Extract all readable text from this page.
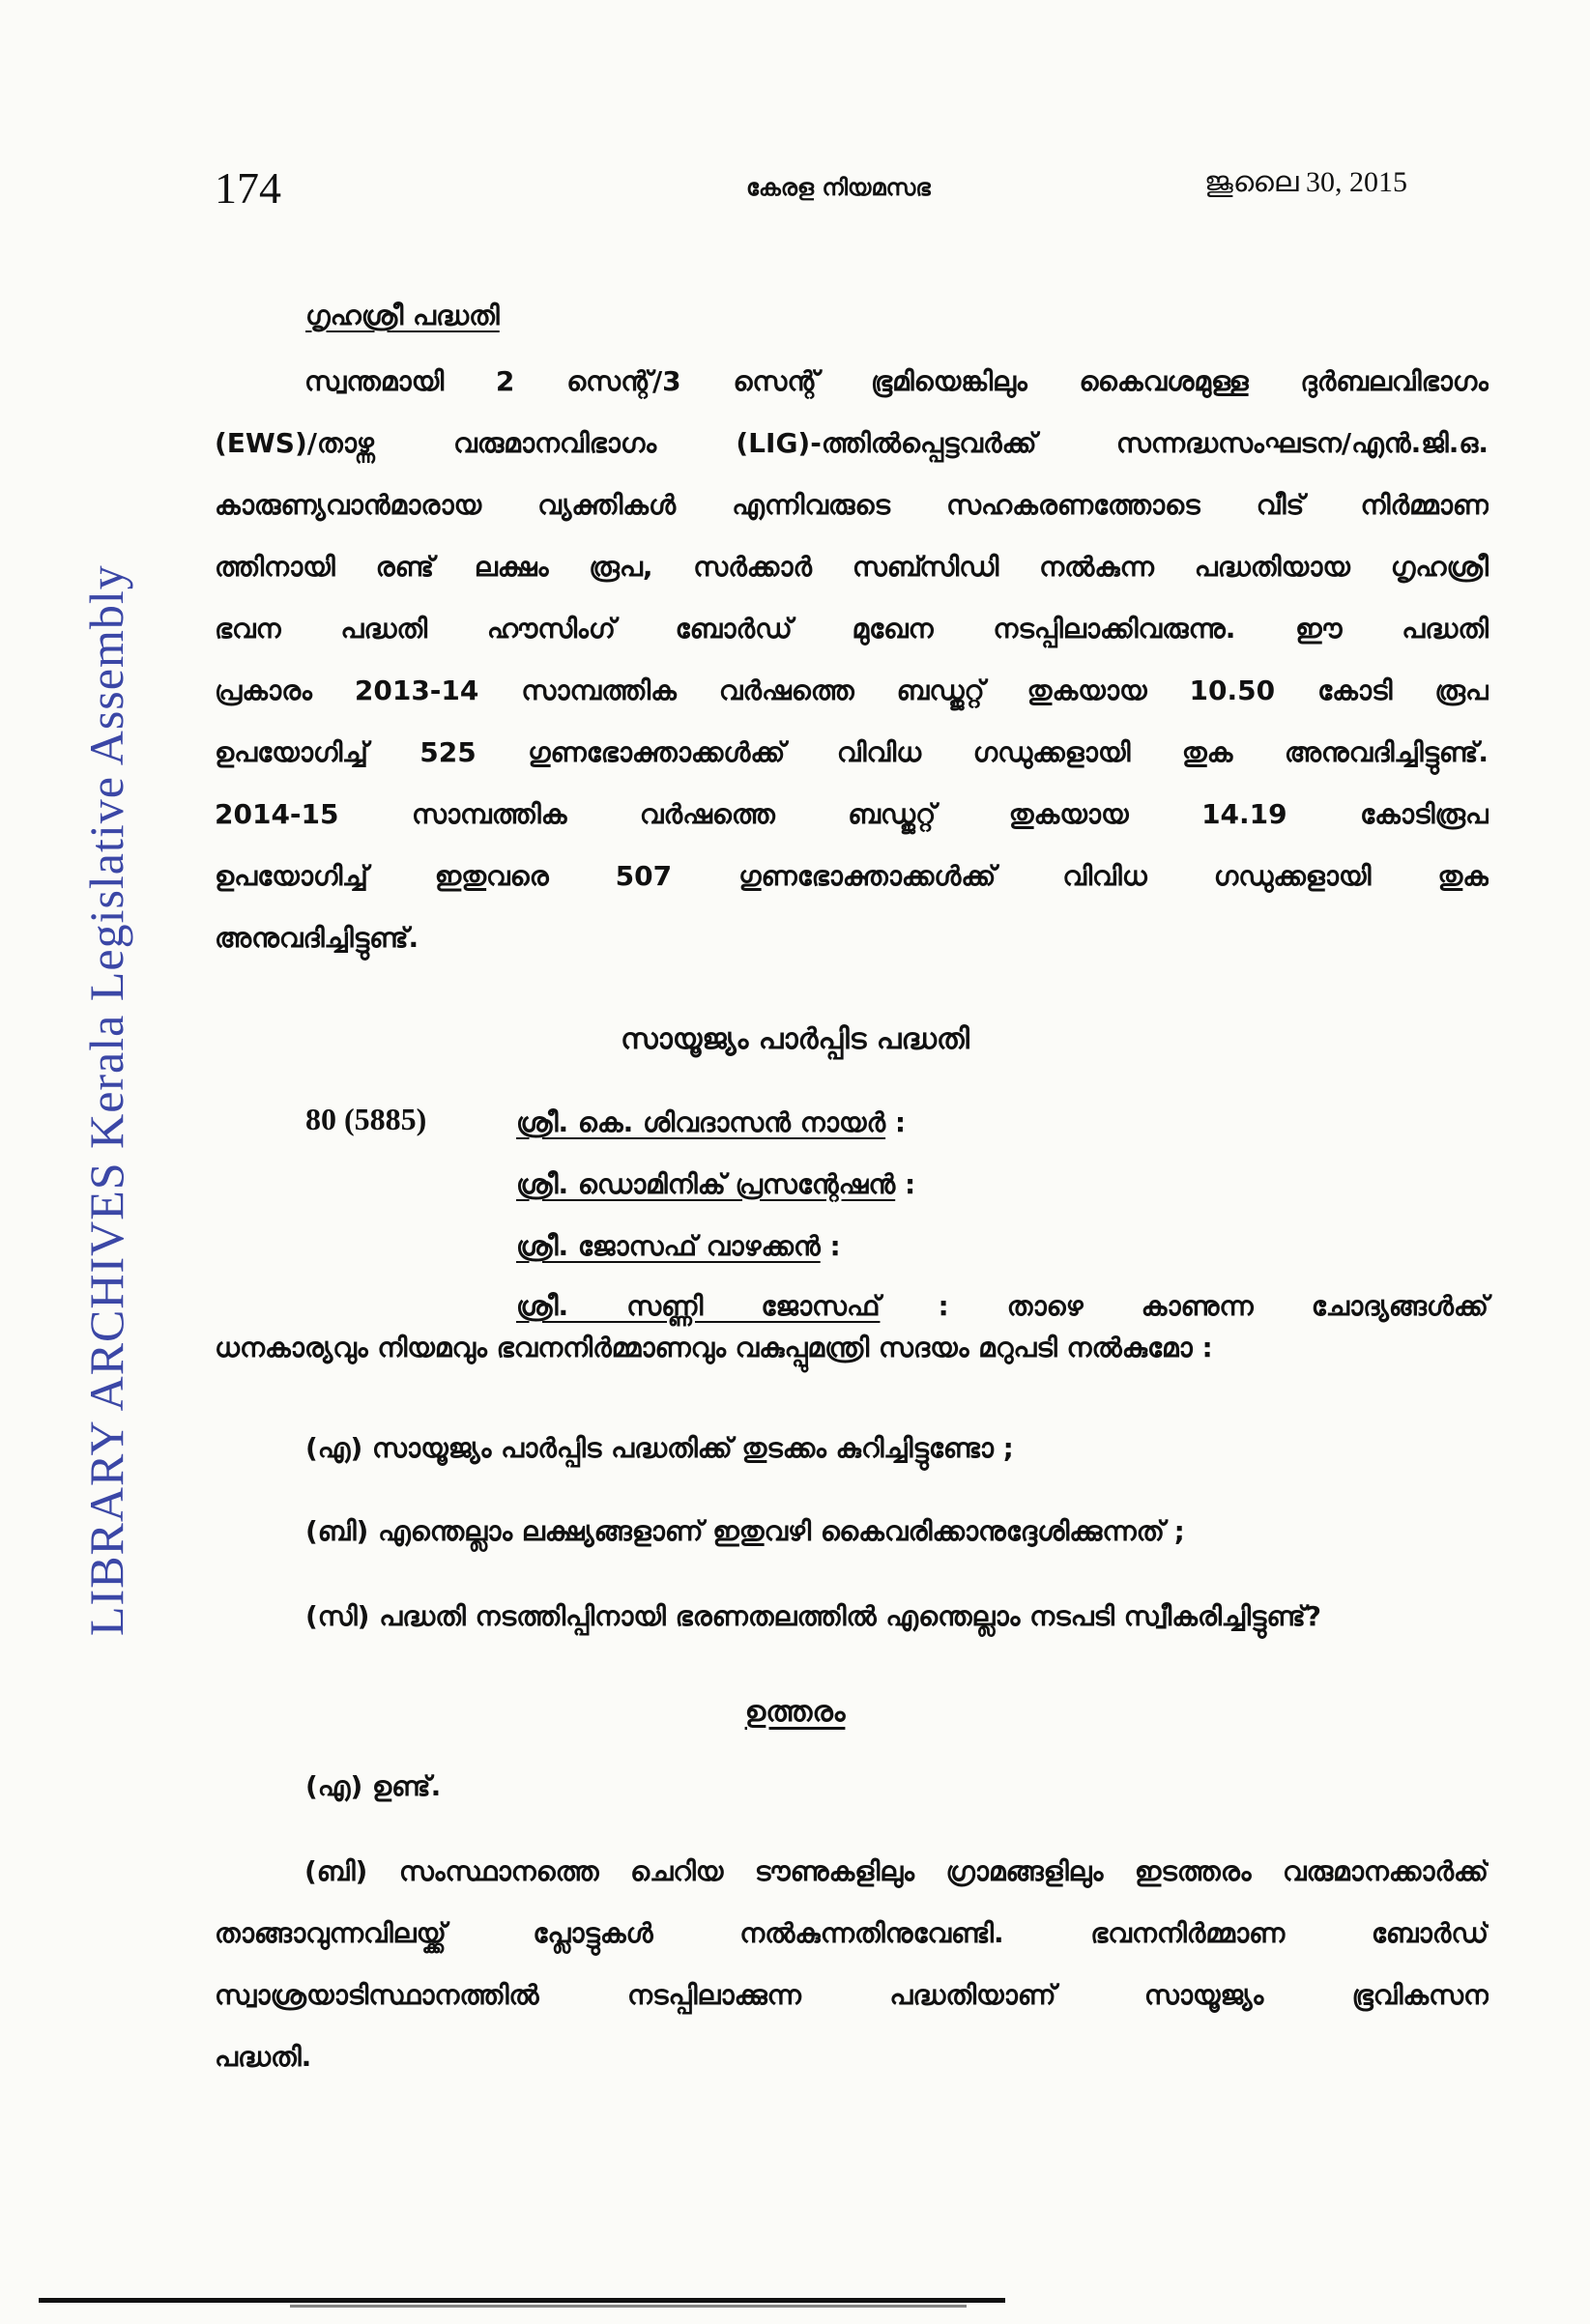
174	കേരള നിയമസഭ	ജൂലൈ 30, 2015
LIBRARY ARCHIVES Kerala Legislative Assembly
ഗൃഹശ്രീ പദ്ധതി
സ്വന്തമായി 2 സെന്റ്/3 സെന്റ് ഭൂമിയെങ്കിലും കൈവശമുള്ള ദുർബലവിഭാഗം
(EWS)/താഴ്ന്ന വരുമാനവിഭാഗം (LIG)-ത്തിൽപ്പെട്ടവർക്ക് സന്നദ്ധസംഘടന/എൻ.ജി.ഒ.
കാരുണ്യവാൻമാരായ വ്യക്തികൾ എന്നിവരുടെ സഹകരണത്തോടെ വീട് നിർമ്മാണ
ത്തിനായി രണ്ട് ലക്ഷം രൂപ, സർക്കാർ സബ്സിഡി നൽകുന്ന പദ്ധതിയായ ഗൃഹശ്രീ
ഭവന പദ്ധതി ഹൗസിംഗ് ബോർഡ് മുഖേന നടപ്പിലാക്കിവരുന്നു. ഈ പദ്ധതി
പ്രകാരം 2013-14 സാമ്പത്തിക വർഷത്തെ ബഡ്ജറ്റ് തുകയായ 10.50 കോടി രൂപ
ഉപയോഗിച്ച് 525 ഗുണഭോക്താക്കൾക്ക് വിവിധ ഗഡുക്കളായി തുക അനുവദിച്ചിട്ടുണ്ട്.
2014-15 സാമ്പത്തിക വർഷത്തെ ബഡ്ജറ്റ് തുകയായ 14.19 കോടിരൂപ
ഉപയോഗിച്ച് ഇതുവരെ 507 ഗുണഭോക്താക്കൾക്ക് വിവിധ ഗഡുക്കളായി തുക
അനുവദിച്ചിട്ടുണ്ട്.
സായൂജ്യം പാർപ്പിട പദ്ധതി
80 (5885)	ശ്രീ. കെ. ശിവദാസൻ നായർ :
ശ്രീ. ഡൊമിനിക് പ്രസന്റേഷൻ :
ശ്രീ. ജോസഫ് വാഴക്കൻ :
ശ്രീ. സണ്ണി ജോസഫ് : താഴെ കാണുന്ന ചോദ്യങ്ങൾക്ക്
ധനകാര്യവും നിയമവും ഭവനനിർമ്മാണവും വകുപ്പുമന്ത്രി സദയം മറുപടി നൽകുമോ :
(എ) സായൂജ്യം പാർപ്പിട പദ്ധതിക്ക് തുടക്കം കുറിച്ചിട്ടുണ്ടോ ;
(ബി) എന്തെല്ലാം ലക്ഷ്യങ്ങളാണ് ഇതുവഴി കൈവരിക്കാനുദ്ദേശിക്കുന്നത് ;
(സി) പദ്ധതി നടത്തിപ്പിനായി ഭരണതലത്തിൽ എന്തെല്ലാം നടപടി സ്വീകരിച്ചിട്ടുണ്ട്?
ഉത്തരം
(എ) ഉണ്ട്.
(ബി) സംസ്ഥാനത്തെ ചെറിയ ടൗണുകളിലും ഗ്രാമങ്ങളിലും ഇടത്തരം വരുമാനക്കാർക്ക്
താങ്ങാവുന്നവിലയ്ക്ക് പ്ലോട്ടുകൾ നൽകുന്നതിനുവേണ്ടി. ഭവനനിർമ്മാണ ബോർഡ്
സ്വാശ്രയാടിസ്ഥാനത്തിൽ നടപ്പിലാക്കുന്ന പദ്ധതിയാണ് സായൂജ്യം ഭൂവികസന
പദ്ധതി.
